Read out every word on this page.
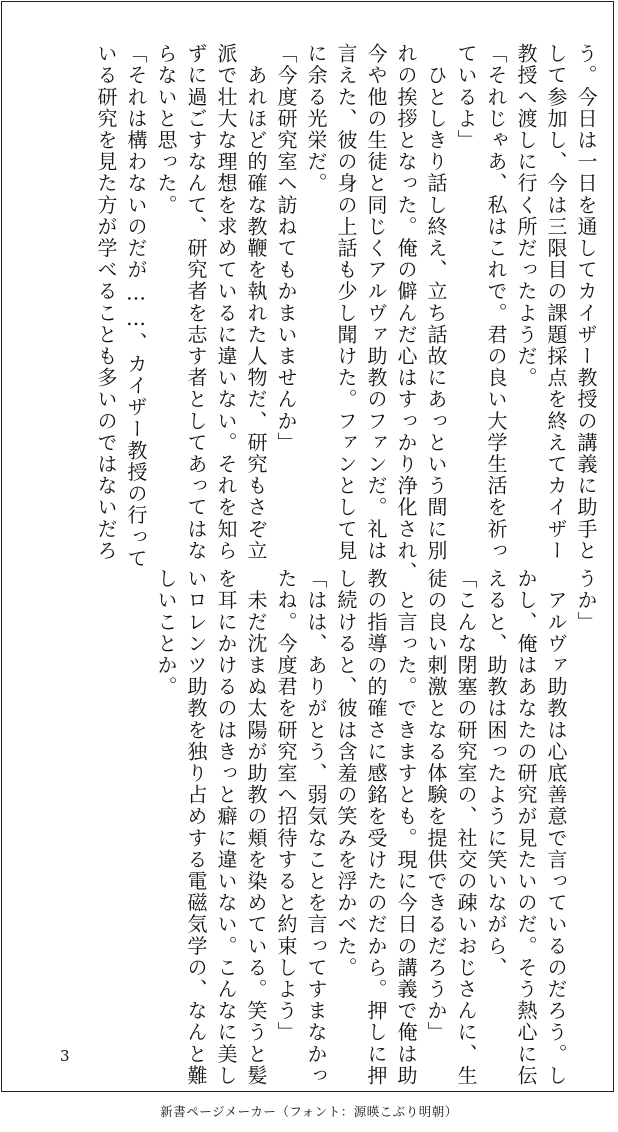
う。今日は一日を通してカイザー教授の講義に助手と
して参加し、今は三限目の課題採点を終えてカイザー
教授へ渡しに行く所だったようだ。
「それじゃあ、私はこれで。君の良い大学生活を祈っ
ているよ」
　ひとしきり話し終え、立ち話故にあっという間に別
れの挨拶となった。俺の僻んだ心はすっかり浄化され、
今や他の生徒と同じくアルヴァ助教のファンだ。礼は
言えた、彼の身の上話も少し聞けた。ファンとして見
に余る光栄だ。
「今度研究室へ訪ねてもかまいませんか」
　あれほど的確な教鞭を執れた人物だ、研究もさぞ立
派で壮大な理想を求めているに違いない。それを知ら
ずに過ごすなんて、研究者を志す者としてあってはな
らないと思った。
「それは構わないのだが……、カイザー教授の行って
いる研究を見た方が学べることも多いのではないだろ
うか」
　アルヴァ助教は心底善意で言っているのだろう。し
かし、俺はあなたの研究が見たいのだ。そう熱心に伝
えると、助教は困ったように笑いながら、
「こんな閉塞の研究室の、社交の疎いおじさんに、生
徒の良い刺激となる体験を提供できるだろうか」
　と言った。できますとも。現に今日の講義で俺は助
教の指導の的確さに感銘を受けたのだから。押しに押
し続けると、彼は含羞の笑みを浮かべた。
「はは、ありがとう、弱気なことを言ってすまなかっ
たね。今度君を研究室へ招待すると約束しよう」
　未だ沈まぬ太陽が助教の頬を染めている。笑うと髪
を耳にかけるのはきっと癖に違いない。こんなに美し
いロレンツ助教を独り占めする電磁気学の、なんと難
しいことか。
3
新書ページメーカー（フォント：源暎こぶり明朝）
